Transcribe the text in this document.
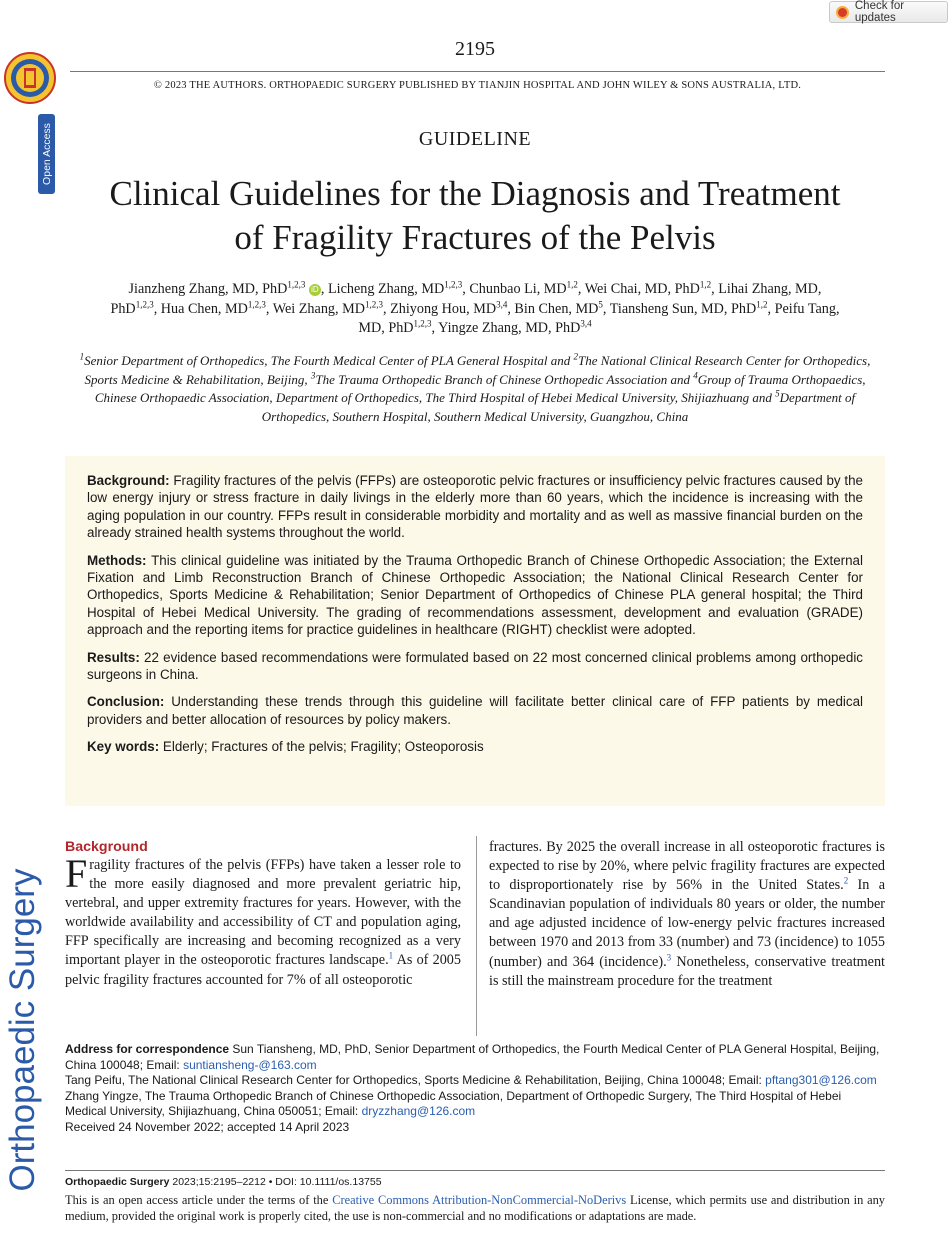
Check for updates
Open Access
Orthopaedic Surgery
2195
© 2023 THE AUTHORS. ORTHOPAEDIC SURGERY PUBLISHED BY TIANJIN HOSPITAL AND JOHN WILEY & SONS AUSTRALIA, LTD.
GUIDELINE
Clinical Guidelines for the Diagnosis and Treatment
of Fragility Fractures of the Pelvis
Jianzheng Zhang, MD, PhD$^{1,2,3}$ iD , Licheng Zhang, MD$^{1,2,3}$, Chunbao Li, MD$^{1,2}$, Wei Chai, MD, PhD$^{1,2}$, Lihai Zhang, MD, PhD$^{1,2,3}$, Hua Chen, MD$^{1,2,3}$, Wei Zhang, MD$^{1,2,3}$, Zhiyong Hou, MD$^{3,4}$, Bin Chen, $MD^5$, Tiansheng Sun, MD, PhD$^{1,2}$, Peifu Tang, MD, PhD$^{1,2,3}$, Yingze Zhang, MD, PhD$^{3,4}$
$^1$Senior Department of Orthopedics, The Fourth Medical Center of PLA General Hospital and $^2$The National Clinical Research Center for Orthopedics, Sports Medicine & Rehabilitation, Beijing, $^3$The Trauma Orthopedic Branch of Chinese Orthopedic Association and $^4$Group of Trauma Orthopaedics, Chinese Orthopaedic Association, Department of Orthopedics, The Third Hospital of Hebei Medical University, Shijiazhuang and $^5$Department of Orthopedics, Southern Hospital, Southern Medical University, Guangzhou, China

Background: Fragility fractures of the pelvis (FFPs) are osteoporotic pelvic fractures or insufficiency pelvic fractures caused by the low energy injury or stress fracture in daily livings in the elderly more than 60 years, which the incidence is increasing with the aging population in our country. FFPs result in considerable morbidity and mortality and as well as massive financial burden on the already strained health systems throughout the world.

Methods: This clinical guideline was initiated by the Trauma Orthopedic Branch of Chinese Orthopedic Association; the External Fixation and Limb Reconstruction Branch of Chinese Orthopedic Association; the National Clinical Research Center for Orthopedics, Sports Medicine & Rehabilitation; Senior Department of Orthopedics of Chinese PLA general hospital; the Third Hospital of Hebei Medical University. The grading of recommendations assessment, development and evaluation (GRADE) approach and the reporting items for practice guidelines in healthcare (RIGHT) checklist were adopted.

Results: 22 evidence based recommendations were formulated based on 22 most concerned clinical problems among orthopedic surgeons in China.

Conclusion: Understanding these trends through this guideline will facilitate better clinical care of FFP patients by medical providers and better allocation of resources by policy makers.

Key words: Elderly; Fractures of the pelvis; Fragility; Osteoporosis

Background

Fragility fractures of the pelvis (FFPs) have taken a lesser role to the more easily diagnosed and more prevalent geriatric hip, vertebral, and upper extremity fractures for years. However, with the worldwide availability and accessibility of CT and population aging, FFP specifically are increasing and becoming recognized as a very important player in the osteoporotic fractures landscape.$^1$ As of 2005 pelvic fragility fractures accounted for 7% of all osteoporotic

fractures. By 2025 the overall increase in all osteoporotic fractures is expected to rise by 20%, where pelvic fragility fractures are expected to disproportionately rise by 56% in the United States.$^2$ In a Scandinavian population of individuals 80 years or older, the number and age adjusted incidence of low-energy pelvic fractures increased between 1970 and 2013 from 33 (number) and 73 (incidence) to 1055 (number) and 364 (incidence).$^3$ Nonetheless, conservative treatment is still the mainstream procedure for the treatment

Address for correspondence Sun Tiansheng, MD, PhD, Senior Department of Orthopedics, the Fourth Medical Center of PLA General Hospital, Beijing, China 100048; Email: suntiansheng-@163.com

Tang Peifu, The National Clinical Research Center for Orthopedics, Sports Medicine & Rehabilitation, Beijing, China 100048; Email: pftang301@126.com

Zhang Yingze, The Trauma Orthopedic Branch of Chinese Orthopedic Association, Department of Orthopedic Surgery, The Third Hospital of Hebei Medical University, Shijiazhuang, China 050051; Email: dryzzhang@126.com

Received 24 November 2022; accepted 14 April 2023

Orthopaedic Surgery 2023;15:2195–2212 • DOI: 10.1111/os.13755
This is an open access article under the terms of the Creative Commons Attribution-NonCommercial-NoDerivs License, which permits use and distribution in any medium, provided the original work is properly cited, the use is non-commercial and no modifications or adaptations are made.
